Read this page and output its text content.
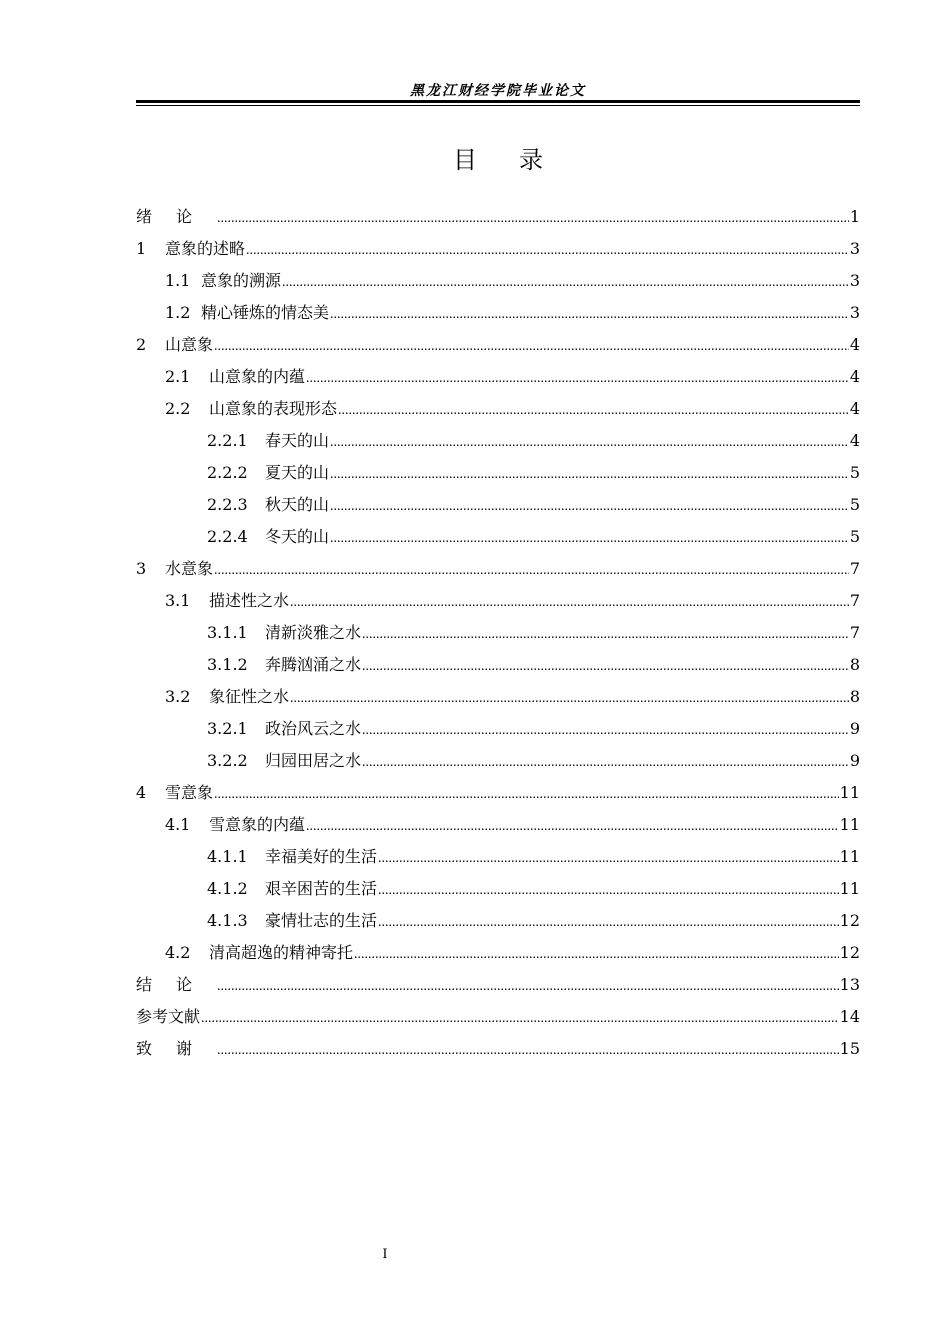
黑龙江财经学院毕业论文
目录
绪论 .....	1
1	意象的述略 .....	3
1.1 意象的溯源 .....	3
1.2 精心锤炼的情态美 .....	3
2	山意象 .....	4
2.1	山意象的内蕴 .....	4
2.2	山意象的表现形态 .....	4
2.2.1	春天的山 .....	4
2.2.2	夏天的山 .....	5
2.2.3	秋天的山 .....	5
2.2.4	冬天的山 .....	5
3	水意象 .....	7
3.1	描述性之水 .....	7
3.1.1	清新淡雅之水 .....	7
3.1.2	奔腾汹涌之水 .....	8
3.2	象征性之水 .....	8
3.2.1	政治风云之水 .....	9
3.2.2	归园田居之水 .....	9
4	雪意象 .....	11
4.1	雪意象的内蕴 .....	11
4.1.1	幸福美好的生活 .....	11
4.1.2	艰辛困苦的生活 .....	11
4.1.3	豪情壮志的生活 .....	12
4.2	清高超逸的精神寄托 .....	12
结论 .....	13
参考文献 .....	14
致谢 .....	15
I
